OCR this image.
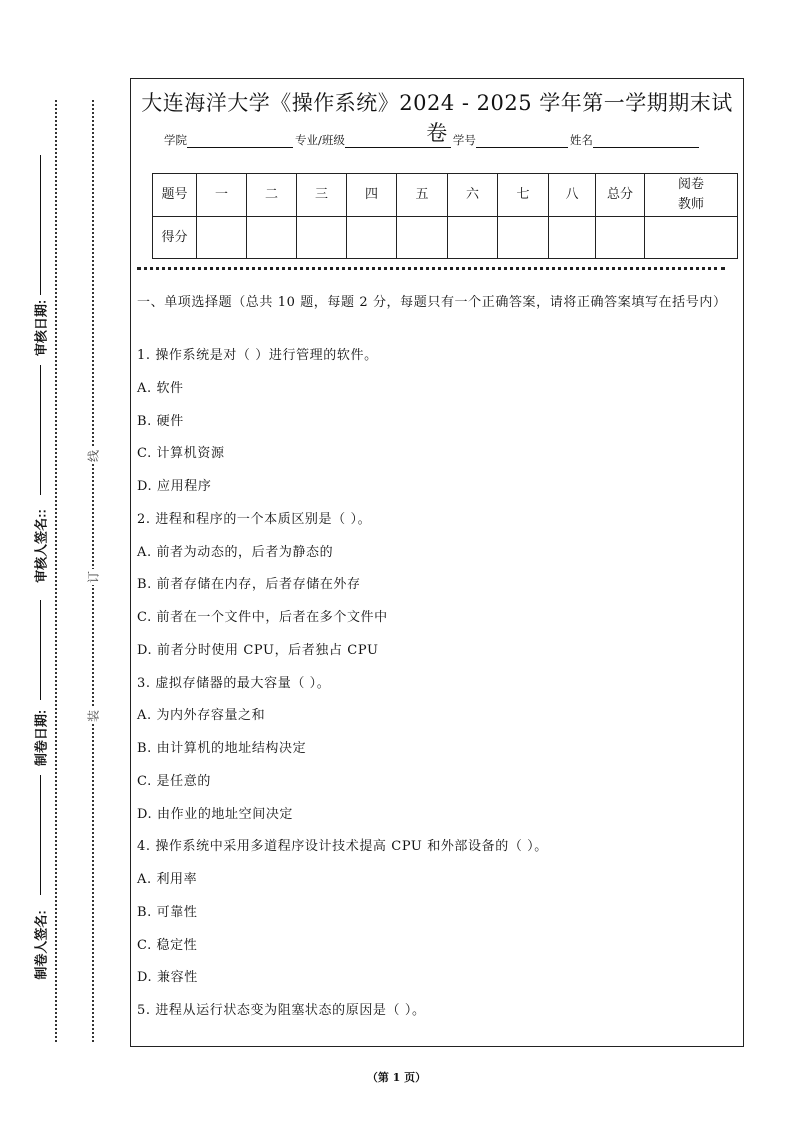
审核日期:
审核人签名::
制卷日期:
制卷人签名:
线
订
装
大连海洋大学《操作系统》2024 - 2025 学年第一学期期末试卷
学院	专业/班级	学号	姓名
题号	一	二	三	四	五	六	七	八	总分	阅卷教师
得分										
一、单项选择题（总共 10 题，每题 2 分，每题只有一个正确答案，请将正确答案填写在括号内）
1. 操作系统是对（ ）进行管理的软件。
A. 软件
B. 硬件
C. 计算机资源
D. 应用程序
2. 进程和程序的一个本质区别是（ ）。
A. 前者为动态的，后者为静态的
B. 前者存储在内存，后者存储在外存
C. 前者在一个文件中，后者在多个文件中
D. 前者分时使用 CPU，后者独占 CPU
3. 虚拟存储器的最大容量（ ）。
A. 为内外存容量之和
B. 由计算机的地址结构决定
C. 是任意的
D. 由作业的地址空间决定
4. 操作系统中采用多道程序设计技术提高 CPU 和外部设备的（ ）。
A. 利用率
B. 可靠性
C. 稳定性
D. 兼容性
5. 进程从运行状态变为阻塞状态的原因是（ ）。
（第 1 页）
